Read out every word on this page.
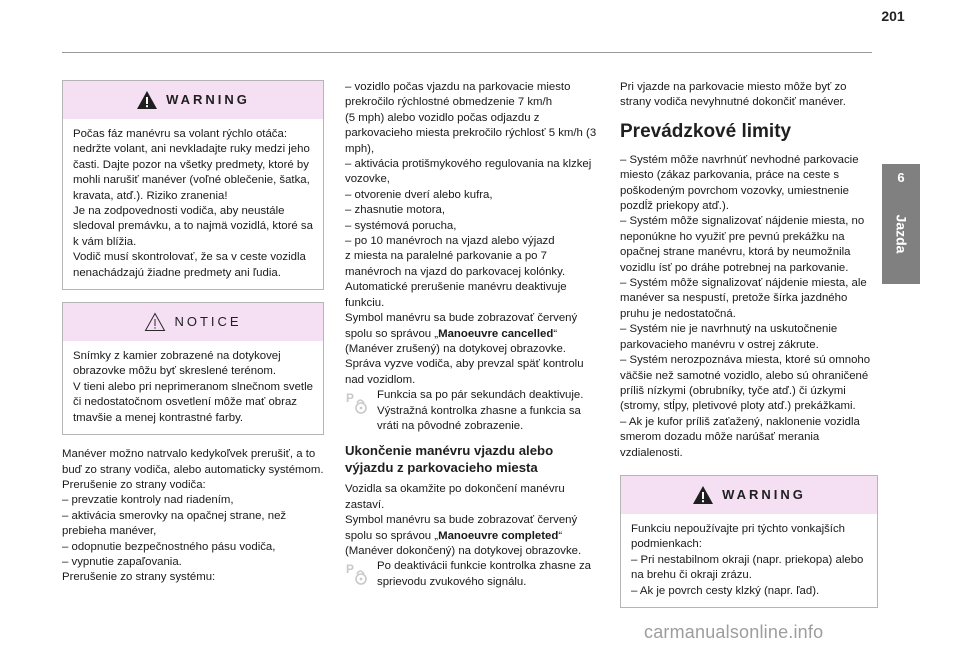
201
6
Jazda
WARNING
Počas fáz manévru sa volant rýchlo otáča: nedržte volant, ani nevkladajte ruky medzi jeho časti. Dajte pozor na všetky predmety, ktoré by mohli narušiť manéver (voľné oblečenie, šatka, kravata, atď.). Riziko zranenia!
Je na zodpovednosti vodiča, aby neustále sledoval premávku, a to najmä vozidlá, ktoré sa k vám blížia.
Vodič musí skontrolovať, že sa v ceste vozidla nenachádzajú žiadne predmety ani ľudia.
NOTICE
Snímky z kamier zobrazené na dotykovej obrazovke môžu byť skreslené terénom.
V tieni alebo pri neprimeranom slnečnom svetle či nedostatočnom osvetlení môže mať obraz tmavšie a menej kontrastné farby.
Manéver možno natrvalo kedykoľvek prerušiť, a to buď zo strany vodiča, alebo automaticky systémom.
Prerušenie zo strany vodiča:
– prevzatie kontroly nad riadením,
– aktivácia smerovky na opačnej strane, než prebieha manéver,
– odopnutie bezpečnostného pásu vodiča,
– vypnutie zapaľovania.
Prerušenie zo strany systému:
– vozidlo počas vjazdu na parkovacie miesto prekročilo rýchlostné obmedzenie 7 km/h
(5 mph) alebo vozidlo počas odjazdu z parkovacieho miesta prekročilo rýchlosť 5 km/h (3 mph),
– aktivácia protišmykového regulovania na klzkej vozovke,
– otvorenie dverí alebo kufra,
– zhasnutie motora,
– systémová porucha,
– po 10 manévroch na vjazd alebo výjazd
z miesta na paralelné parkovanie a po 7 manévroch na vjazd do parkovacej kolónky.
Automatické prerušenie manévru deaktivuje funkciu.
Symbol manévru sa bude zobrazovať červený spolu so správou „Manoeuvre cancelled“ (Manéver zrušený) na dotykovej obrazovke.
Správa vyzve vodiča, aby prevzal späť kontrolu nad vozidlom.
P Funkcia sa po pár sekundách deaktivuje. Výstražná kontrolka zhasne a funkcia sa vráti na pôvodné zobrazenie.
Ukončenie manévru vjazdu alebo výjazdu z parkovacieho miesta
Vozidla sa okamžite po dokončení manévru zastaví.
Symbol manévru sa bude zobrazovať červený spolu so správou „Manoeuvre completed“ (Manéver dokončený) na dotykovej obrazovke.
P Po deaktivácii funkcie kontrolka zhasne za sprievodu zvukového signálu.
Pri vjazde na parkovacie miesto môže byť zo strany vodiča nevyhnutné dokončiť manéver.
Prevádzkové limity
– Systém môže navrhnúť nevhodné parkovacie miesto (zákaz parkovania, práce na ceste s poškodeným povrchom vozovky, umiestnenie pozdĺž priekopy atď.).
– Systém môže signalizovať nájdenie miesta, no neponúkne ho využiť pre pevnú prekážku na opačnej strane manévru, ktorá by neumožnila vozidlu ísť po dráhe potrebnej na parkovanie.
– Systém môže signalizovať nájdenie miesta, ale manéver sa nespustí, pretože šírka jazdného pruhu je nedostatočná.
– Systém nie je navrhnutý na uskutočnenie parkovacieho manévru v ostrej zákrute.
– Systém nerozpoznáva miesta, ktoré sú omnoho väčšie než samotné vozidlo, alebo sú ohraničené príliš nízkymi (obrubníky, tyče atď.) či úzkymi (stromy, stĺpy, pletivové ploty atď.) prekážkami.
– Ak je kufor príliš zaťažený, naklonenie vozidla smerom dozadu môže narúšať merania vzdialenosti.
WARNING
Funkciu nepoužívajte pri týchto vonkajších podmienkach:
– Pri nestabilnom okraji (napr. priekopa) alebo na brehu či okraji zrázu.
– Ak je povrch cesty klzký (napr. ľad).
carmanualsonline.info
